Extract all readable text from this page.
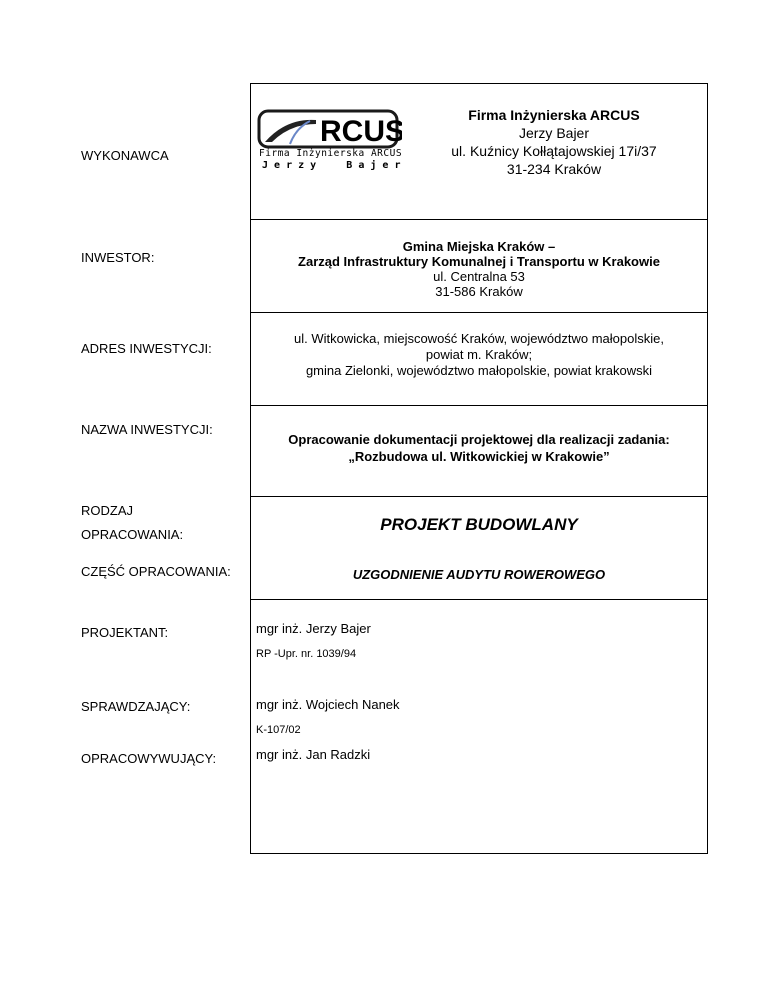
WYKONAWCA
INWESTOR:
ADRES INWESTYCJI:
NAZWA INWESTYCJI:
RODZAJ
OPRACOWANIA:
CZĘŚĆ OPRACOWANIA:
PROJEKTANT:
SPRAWDZAJĄCY:
OPRACOWYWUJĄCY:
RCUS
Firma Inżynierska ARCUS
J e r z y     B a j e r
Firma Inżynierska ARCUS
Jerzy Bajer
ul. Kuźnicy Kołłątajowskiej 17i/37
31-234 Kraków
Gmina Miejska Kraków –
Zarząd Infrastruktury Komunalnej i Transportu w Krakowie
ul. Centralna 53
31-586 Kraków
ul. Witkowicka, miejscowość Kraków, województwo małopolskie,
powiat m. Kraków;
gmina Zielonki, województwo małopolskie, powiat krakowski
Opracowanie dokumentacji projektowej dla realizacji zadania:
„Rozbudowa ul. Witkowickiej w Krakowie”
PROJEKT BUDOWLANY
UZGODNIENIE AUDYTU ROWEROWEGO
mgr inż. Jerzy Bajer
RP -Upr. nr. 1039/94
mgr inż. Wojciech Nanek
K-107/02
mgr inż. Jan Radzki
